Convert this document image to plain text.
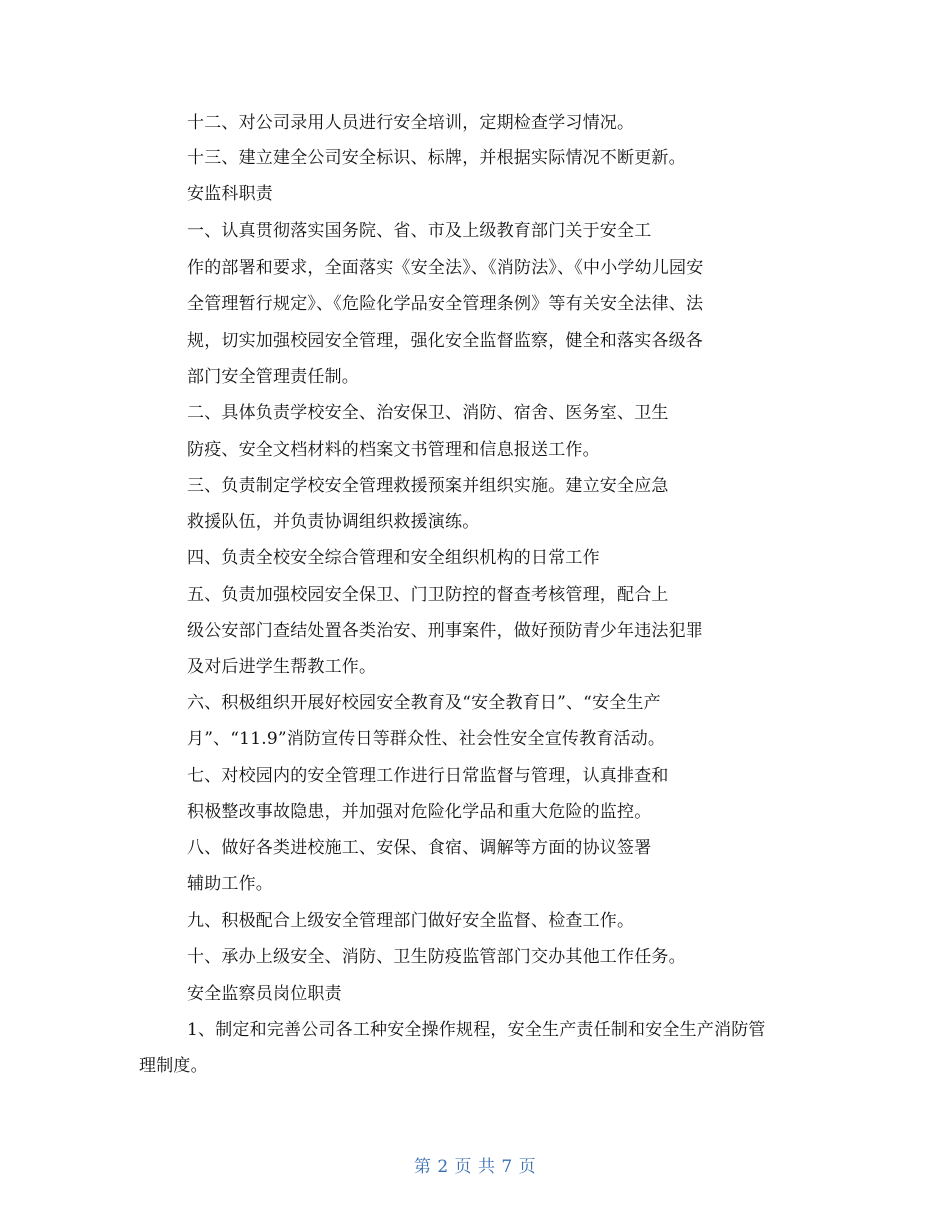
十二、对公司录用人员进行安全培训，定期检查学习情况。
十三、建立建全公司安全标识、标牌，并根据实际情况不断更新。
安监科职责
一、认真贯彻落实国务院、省、市及上级教育部门关于安全工
作的部署和要求，全面落实《安全法》、《消防法》、《中小学幼儿园安
全管理暂行规定》、《危险化学品安全管理条例》等有关安全法律、法
规，切实加强校园安全管理，强化安全监督监察，健全和落实各级各
部门安全管理责任制。
二、具体负责学校安全、治安保卫、消防、宿舍、医务室、卫生
防疫、安全文档材料的档案文书管理和信息报送工作。
三、负责制定学校安全管理救援预案并组织实施。建立安全应急
救援队伍，并负责协调组织救援演练。
四、负责全校安全综合管理和安全组织机构的日常工作
五、负责加强校园安全保卫、门卫防控的督查考核管理，配合上
级公安部门查结处置各类治安、刑事案件，做好预防青少年违法犯罪
及对后进学生帮教工作。
六、积极组织开展好校园安全教育及“安全教育日”、“安全生产
月”、“11.9”消防宣传日等群众性、社会性安全宣传教育活动。
七、对校园内的安全管理工作进行日常监督与管理，认真排查和
积极整改事故隐患，并加强对危险化学品和重大危险的监控。
八、做好各类进校施工、安保、食宿、调解等方面的协议签署
辅助工作。
九、积极配合上级安全管理部门做好安全监督、检查工作。
十、承办上级安全、消防、卫生防疫监管部门交办其他工作任务。
安全监察员岗位职责
1、制定和完善公司各工种安全操作规程，安全生产责任制和安全生产消防管
理制度。
第 2 页 共 7 页
